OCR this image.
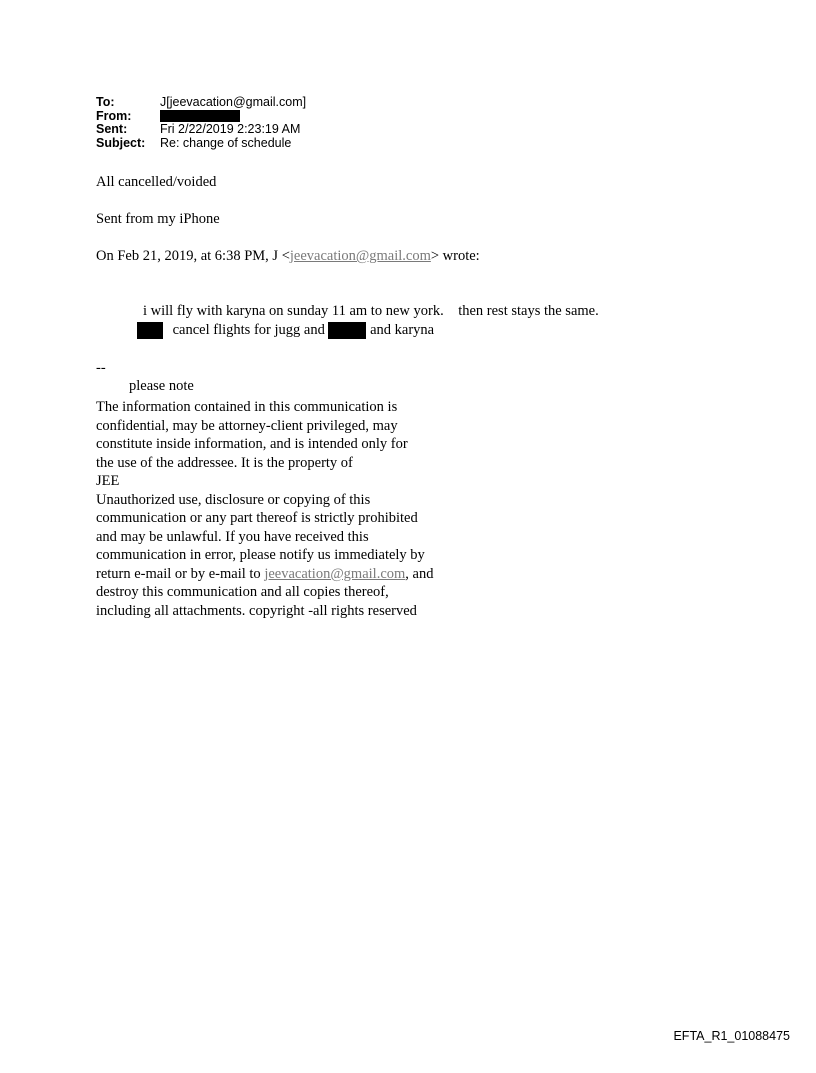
To:	J[jeevacation@gmail.com]
From:
Sent:	Fri 2/22/2019 2:23:19 AM
Subject:	Re: change of schedule
All cancelled/voided
Sent from my iPhone
On Feb 21, 2019, at 6:38 PM, J <jeevacation@gmail.com> wrote:
i will fly with karyna on sunday 11 am to new york.    then rest stays the same.
cancel flights for jugg and	and karyna
--
please note
The information contained in this communication is
confidential, may be attorney-client privileged, may
constitute inside information, and is intended only for
the use of the addressee. It is the property of
JEE
Unauthorized use, disclosure or copying of this
communication or any part thereof is strictly prohibited
and may be unlawful. If you have received this
communication in error, please notify us immediately by
return e-mail or by e-mail to jeevacation@gmail.com, and
destroy this communication and all copies thereof,
including all attachments. copyright -all rights reserved
EFTA_R1_01088475
